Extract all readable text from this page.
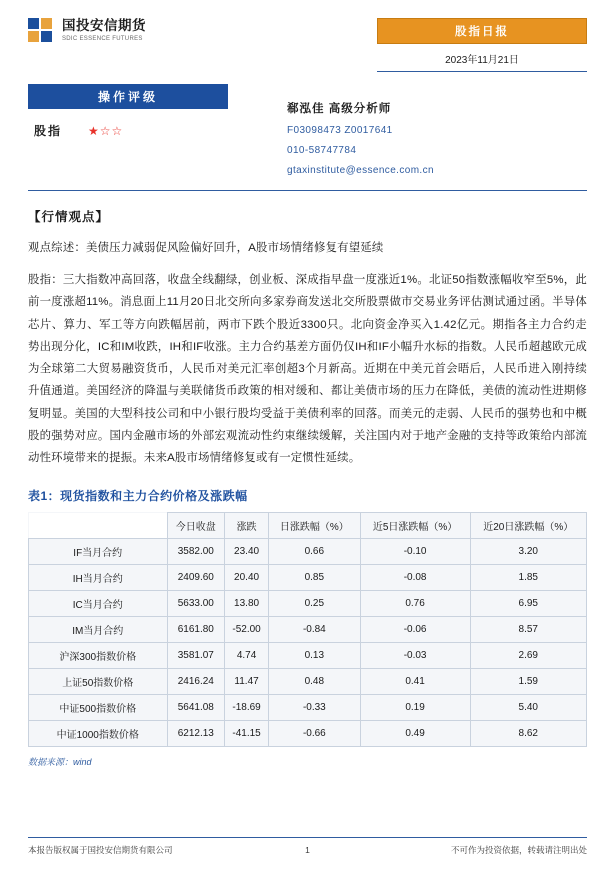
国投安信期货
SDIC ESSENCE FUTURES
股指日报
2023年11月21日
操作评级
股指 ★☆☆
郗泓佳 高级分析师
F03098473 Z0017641
010-58747784
gtaxinstitute@essence.com.cn
【行情观点】
观点综述：美债压力减弱促风险偏好回升，A股市场情绪修复有望延续
股指：三大指数冲高回落，收盘全线翻绿，创业板、深成指早盘一度涨近1%。北证50指数涨幅收窄至5%，此前一度涨超11%。消息面上11月20日北交所向多家券商发送北交所股票做市交易业务评估测试通过函。半导体芯片、算力、军工等方向跌幅居前，两市下跌个股近3300只。北向资金净买入1.42亿元。期指各主力合约走势出现分化，IC和IM收跌，IH和IF收涨。主力合约基差方面仍仅IH和IF小幅升水标的指数。人民币超越欧元成为全球第二大贸易融资货币，人民币对美元汇率创超3个月新高。近期在中美元首会晤后，人民币进入刚持续升值通道。美国经济的降温与美联储货币政策的相对缓和、都让美债市场的压力在降低，美债的流动性进期修复明显。美国的大型科技公司和中小银行股均受益于美债利率的回落。而美元的走弱、人民币的强势也和中概股的强势对应。国内金融市场的外部宏观流动性约束继续缓解，关注国内对于地产金融的支持等政策给内部流动性环境带来的提振。未来A股市场情绪修复或有一定惯性延续。
表1：现货指数和主力合约价格及涨跌幅
	今日收盘	涨跌	日涨跌幅（%）	近5日涨跌幅（%）	近20日涨跌幅（%）
IF当月合约	3582.00	23.40	0.66	-0.10	3.20
IH当月合约	2409.60	20.40	0.85	-0.08	1.85
IC当月合约	5633.00	13.80	0.25	0.76	6.95
IM当月合约	6161.80	-52.00	-0.84	-0.06	8.57
沪深300指数价格	3581.07	4.74	0.13	-0.03	2.69
上证50指数价格	2416.24	11.47	0.48	0.41	1.59
中证500指数价格	5641.08	-18.69	-0.33	0.19	5.40
中证1000指数价格	6212.13	-41.15	-0.66	0.49	8.62
数据来源：wind
本报告版权属于国投安信期货有限公司	1	不可作为投资依据，转载请注明出处
